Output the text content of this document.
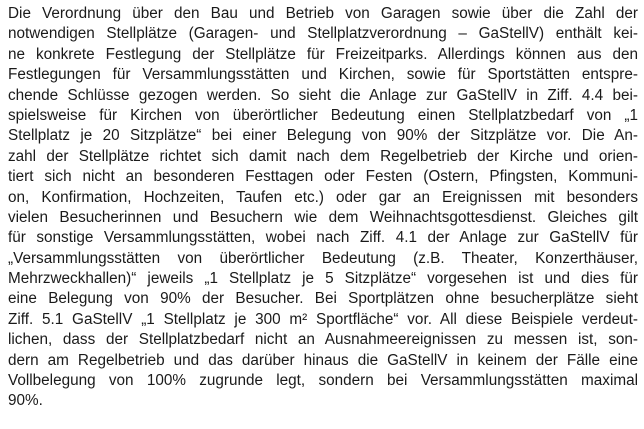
Die Verordnung über den Bau und Betrieb von Garagen sowie über die Zahl der
notwendigen Stellplätze (Garagen- und Stellplatzverordnung – GaStellV) enthält kei-
ne konkrete Festlegung der Stellplätze für Freizeitparks. Allerdings können aus den
Festlegungen für Versammlungsstätten und Kirchen, sowie für Sportstätten entspre-
chende Schlüsse gezogen werden. So sieht die Anlage zur GaStellV in Ziff. 4.4 bei-
spielsweise für Kirchen von überörtlicher Bedeutung einen Stellplatzbedarf von „1
Stellplatz je 20 Sitzplätze“ bei einer Belegung von 90% der Sitzplätze vor. Die An-
zahl der Stellplätze richtet sich damit nach dem Regelbetrieb der Kirche und orien-
tiert sich nicht an besonderen Festtagen oder Festen (Ostern, Pfingsten, Kommuni-
on, Konfirmation, Hochzeiten, Taufen etc.) oder gar an Ereignissen mit besonders
vielen Besucherinnen und Besuchern wie dem Weihnachtsgottesdienst. Gleiches gilt
für sonstige Versammlungsstätten, wobei nach Ziff. 4.1 der Anlage zur GaStellV für
„Versammlungsstätten von überörtlicher Bedeutung (z.B. Theater, Konzerthäuser,
Mehrzweckhallen)“ jeweils „1 Stellplatz je 5 Sitzplätze“ vorgesehen ist und dies für
eine Belegung von 90% der Besucher. Bei Sportplätzen ohne besucherplätze sieht
Ziff. 5.1 GaStellV „1 Stellplatz je 300 m² Sportfläche“ vor. All diese Beispiele verdeut-
lichen, dass der Stellplatzbedarf nicht an Ausnahmeereignissen zu messen ist, son-
dern am Regelbetrieb und das darüber hinaus die GaStellV in keinem der Fälle eine
Vollbelegung von 100% zugrunde legt, sondern bei Versammlungsstätten maximal
90%.
